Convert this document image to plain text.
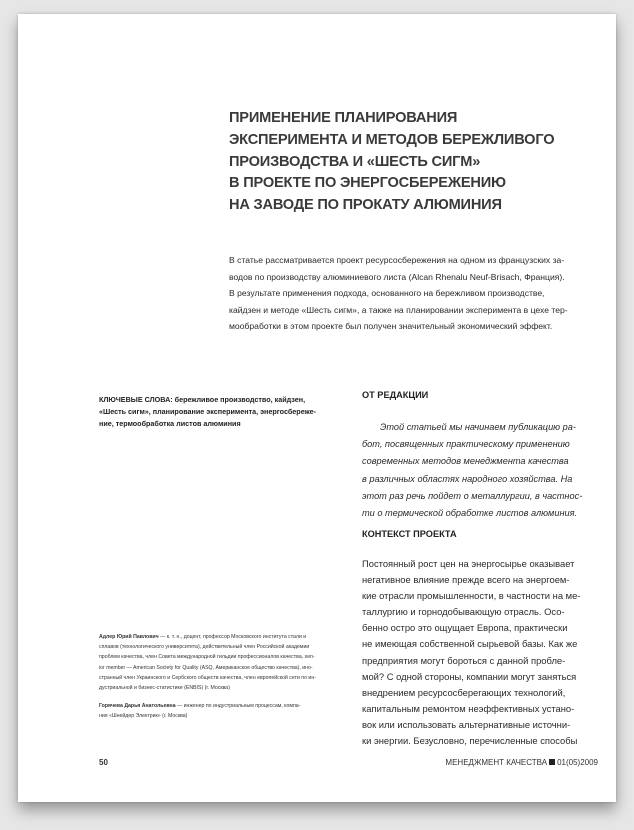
ПРИМЕНЕНИЕ ПЛАНИРОВАНИЯ
ЭКСПЕРИМЕНТА И МЕТОДОВ БЕРЕЖЛИВОГО
ПРОИЗВОДСТВА И «ШЕСТЬ СИГМ»
В ПРОЕКТЕ ПО ЭНЕРГОСБЕРЕЖЕНИЮ
НА ЗАВОДЕ ПО ПРОКАТУ АЛЮМИНИЯ
В статье рассматривается проект ресурсосбережения на одном из французских за-
водов по производству алюминиевого листа (Alcan Rhenalu Neuf-Brisach, Франция).
В результате применения подхода, основанного на бережливом производстве,
кайдзен и методе «Шесть сигм», а также на планировании эксперимента в цехе тер-
мообработки в этом проекте был получен значительный экономический эффект.
КЛЮЧЕВЫЕ СЛОВА: бережливое производство, кайдзен,
«Шесть сигм», планирование эксперимента, энергосбереже-
ние, термообработка листов алюминия
ОТ РЕДАКЦИИ
Этой статьей мы начинаем публикацию ра-
бот, посвященных практическому применению
современных методов менеджмента качества
в различных областях народного хозяйства. На
этот раз речь пойдет о металлургии, в частнос-
ти о термической обработке листов алюминия.
КОНТЕКСТ ПРОЕКТА
Постоянный рост цен на энергосырье оказывает
негативное влияние прежде всего на энергоем-
кие отрасли промышленности, в частности на ме-
таллургию и горнодобывающую отрасль. Осо-
бенно остро это ощущает Европа, практически
не имеющая собственной сырьевой базы. Как же
предприятия могут бороться с данной пробле-
мой? С одной стороны, компании могут заняться
внедрением ресурсосберегающих технологий,
капитальным ремонтом неэффективных устано-
вок или использовать альтернативные источни-
ки энергии. Безусловно, перечисленные способы
Адлер Юрий Павлович — к. т. н., доцент, профессор Московского института стали и
сплавов (технологического университета), действительный член Российской академии
проблем качества, член Совета международной гильдии профессионалов качества, sen-
ior member — American Society for Quality (ASQ, Американское общество качества), ино-
странный член Украинского и Сербского обществ качества, член европейской сети по ин-
дустриальной и бизнес-статистике (ENBIS) (г. Москва)
Горячева Дарья Анатольевна — инженер по индустриальным процессам, компа-
ния «Шнейдер Электрик» (г. Москва)
50	МЕНЕДЖМЕНТ КАЧЕСТВА 01(05)2009
